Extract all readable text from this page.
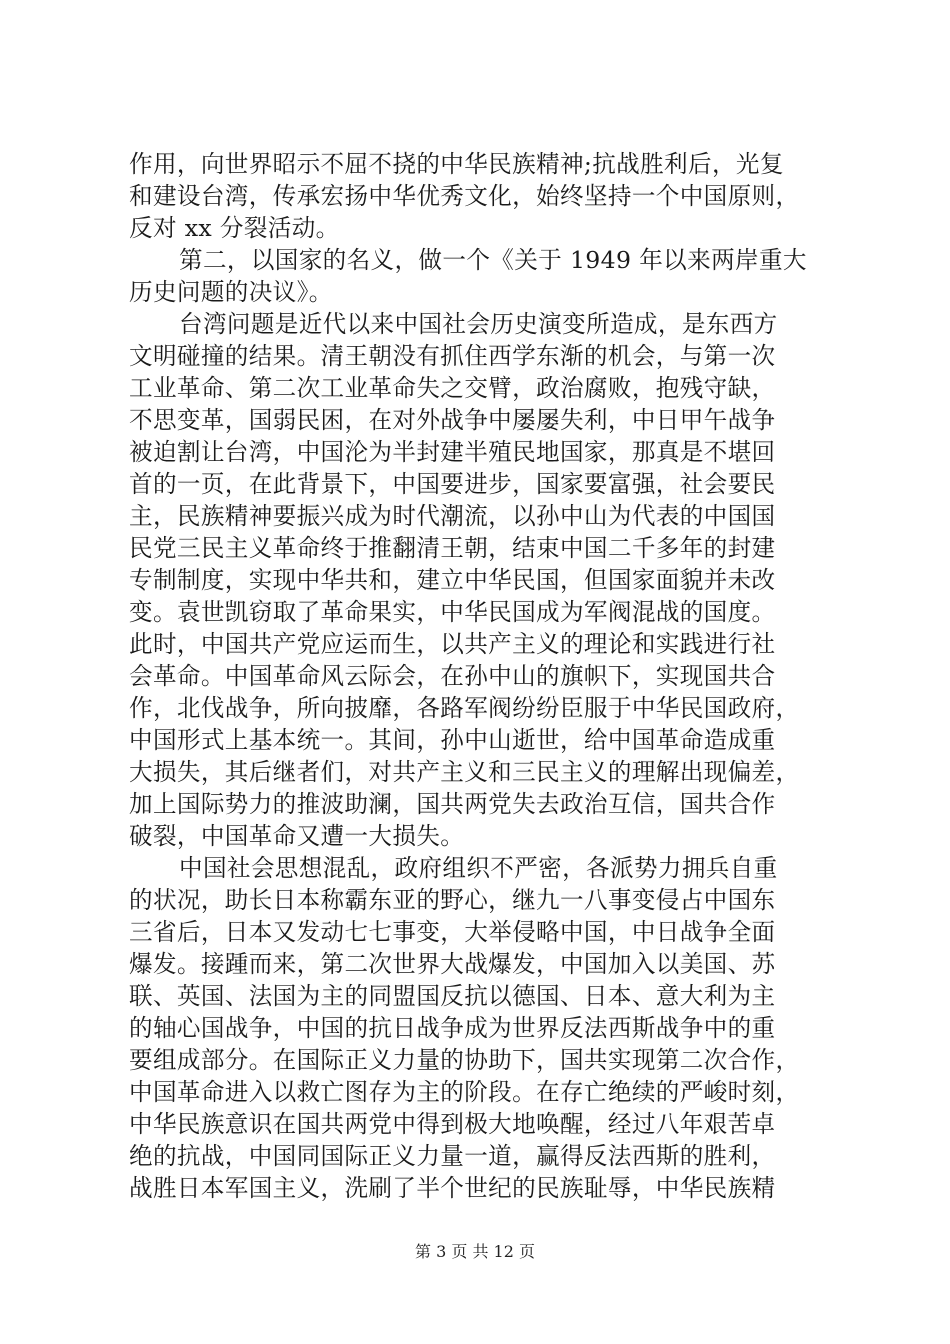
作用，向世界昭示不屈不挠的中华民族精神;抗战胜利后，光复
和建设台湾，传承宏扬中华优秀文化，始终坚持一个中国原则，
反对 xx 分裂活动。
第二，以国家的名义，做一个《关于 1949 年以来两岸重大
历史问题的决议》。
台湾问题是近代以来中国社会历史演变所造成，是东西方
文明碰撞的结果。清王朝没有抓住西学东渐的机会，与第一次
工业革命、第二次工业革命失之交臂，政治腐败，抱残守缺，
不思变革，国弱民困，在对外战争中屡屡失利，中日甲午战争
被迫割让台湾，中国沦为半封建半殖民地国家，那真是不堪回
首的一页，在此背景下，中国要进步，国家要富强，社会要民
主，民族精神要振兴成为时代潮流，以孙中山为代表的中国国
民党三民主义革命终于推翻清王朝，结束中国二千多年的封建
专制制度，实现中华共和，建立中华民国，但国家面貌并未改
变。袁世凯窃取了革命果实，中华民国成为军阀混战的国度。
此时，中国共产党应运而生，以共产主义的理论和实践进行社
会革命。中国革命风云际会，在孙中山的旗帜下，实现国共合
作，北伐战争，所向披靡，各路军阀纷纷臣服于中华民国政府，
中国形式上基本统一。其间，孙中山逝世，给中国革命造成重
大损失，其后继者们，对共产主义和三民主义的理解出现偏差，
加上国际势力的推波助澜，国共两党失去政治互信，国共合作
破裂，中国革命又遭一大损失。
中国社会思想混乱，政府组织不严密，各派势力拥兵自重
的状况，助长日本称霸东亚的野心，继九一八事变侵占中国东
三省后，日本又发动七七事变，大举侵略中国，中日战争全面
爆发。接踵而来，第二次世界大战爆发，中国加入以美国、苏
联、英国、法国为主的同盟国反抗以德国、日本、意大利为主
的轴心国战争，中国的抗日战争成为世界反法西斯战争中的重
要组成部分。在国际正义力量的协助下，国共实现第二次合作，
中国革命进入以救亡图存为主的阶段。在存亡绝续的严峻时刻，
中华民族意识在国共两党中得到极大地唤醒，经过八年艰苦卓
绝的抗战，中国同国际正义力量一道，赢得反法西斯的胜利，
战胜日本军国主义，洗刷了半个世纪的民族耻辱，中华民族精
第 3 页 共 12 页
